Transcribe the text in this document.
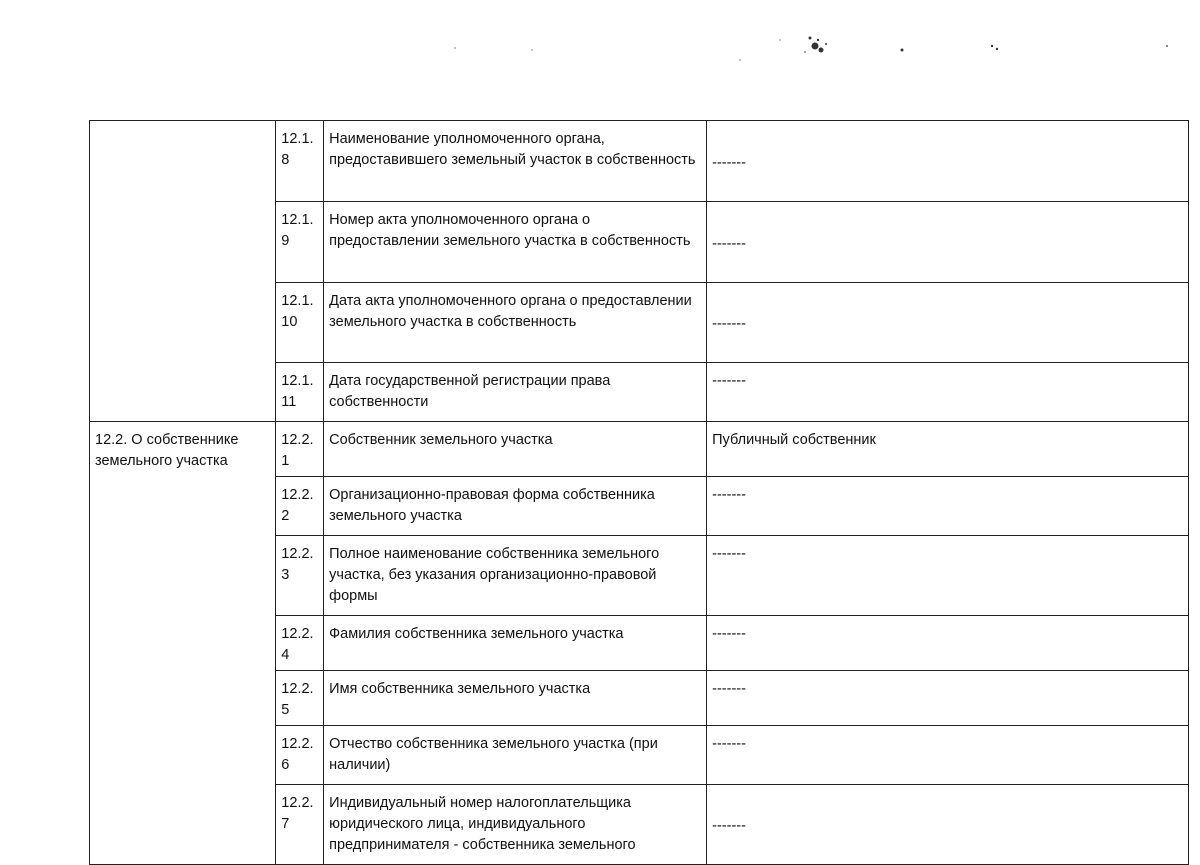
	12.1.8	Наименование уполномоченного органа, предоставившего земельный участок в собственность	-------
	12.1.9	Номер акта уполномоченного органа о предоставлении земельного участка в собственность	-------
	12.1.10	Дата акта уполномоченного органа о предоставлении земельного участка в собственность	-------
	12.1.11	Дата государственной регистрации права собственности	-------
12.2. О собственнике земельного участка	12.2.1	Собственник земельного участка	Публичный собственник
	12.2.2	Организационно-правовая форма собственника земельного участка	-------
	12.2.3	Полное наименование собственника земельного участка, без указания организационно-правовой формы	-------
	12.2.4	Фамилия собственника земельного участка	-------
	12.2.5	Имя собственника земельного участка	-------
	12.2.6	Отчество собственника земельного участка (при наличии)	-------
	12.2.7	Индивидуальный номер налогоплательщика юридического лица, индивидуального предпринимателя - собственника земельного	-------
